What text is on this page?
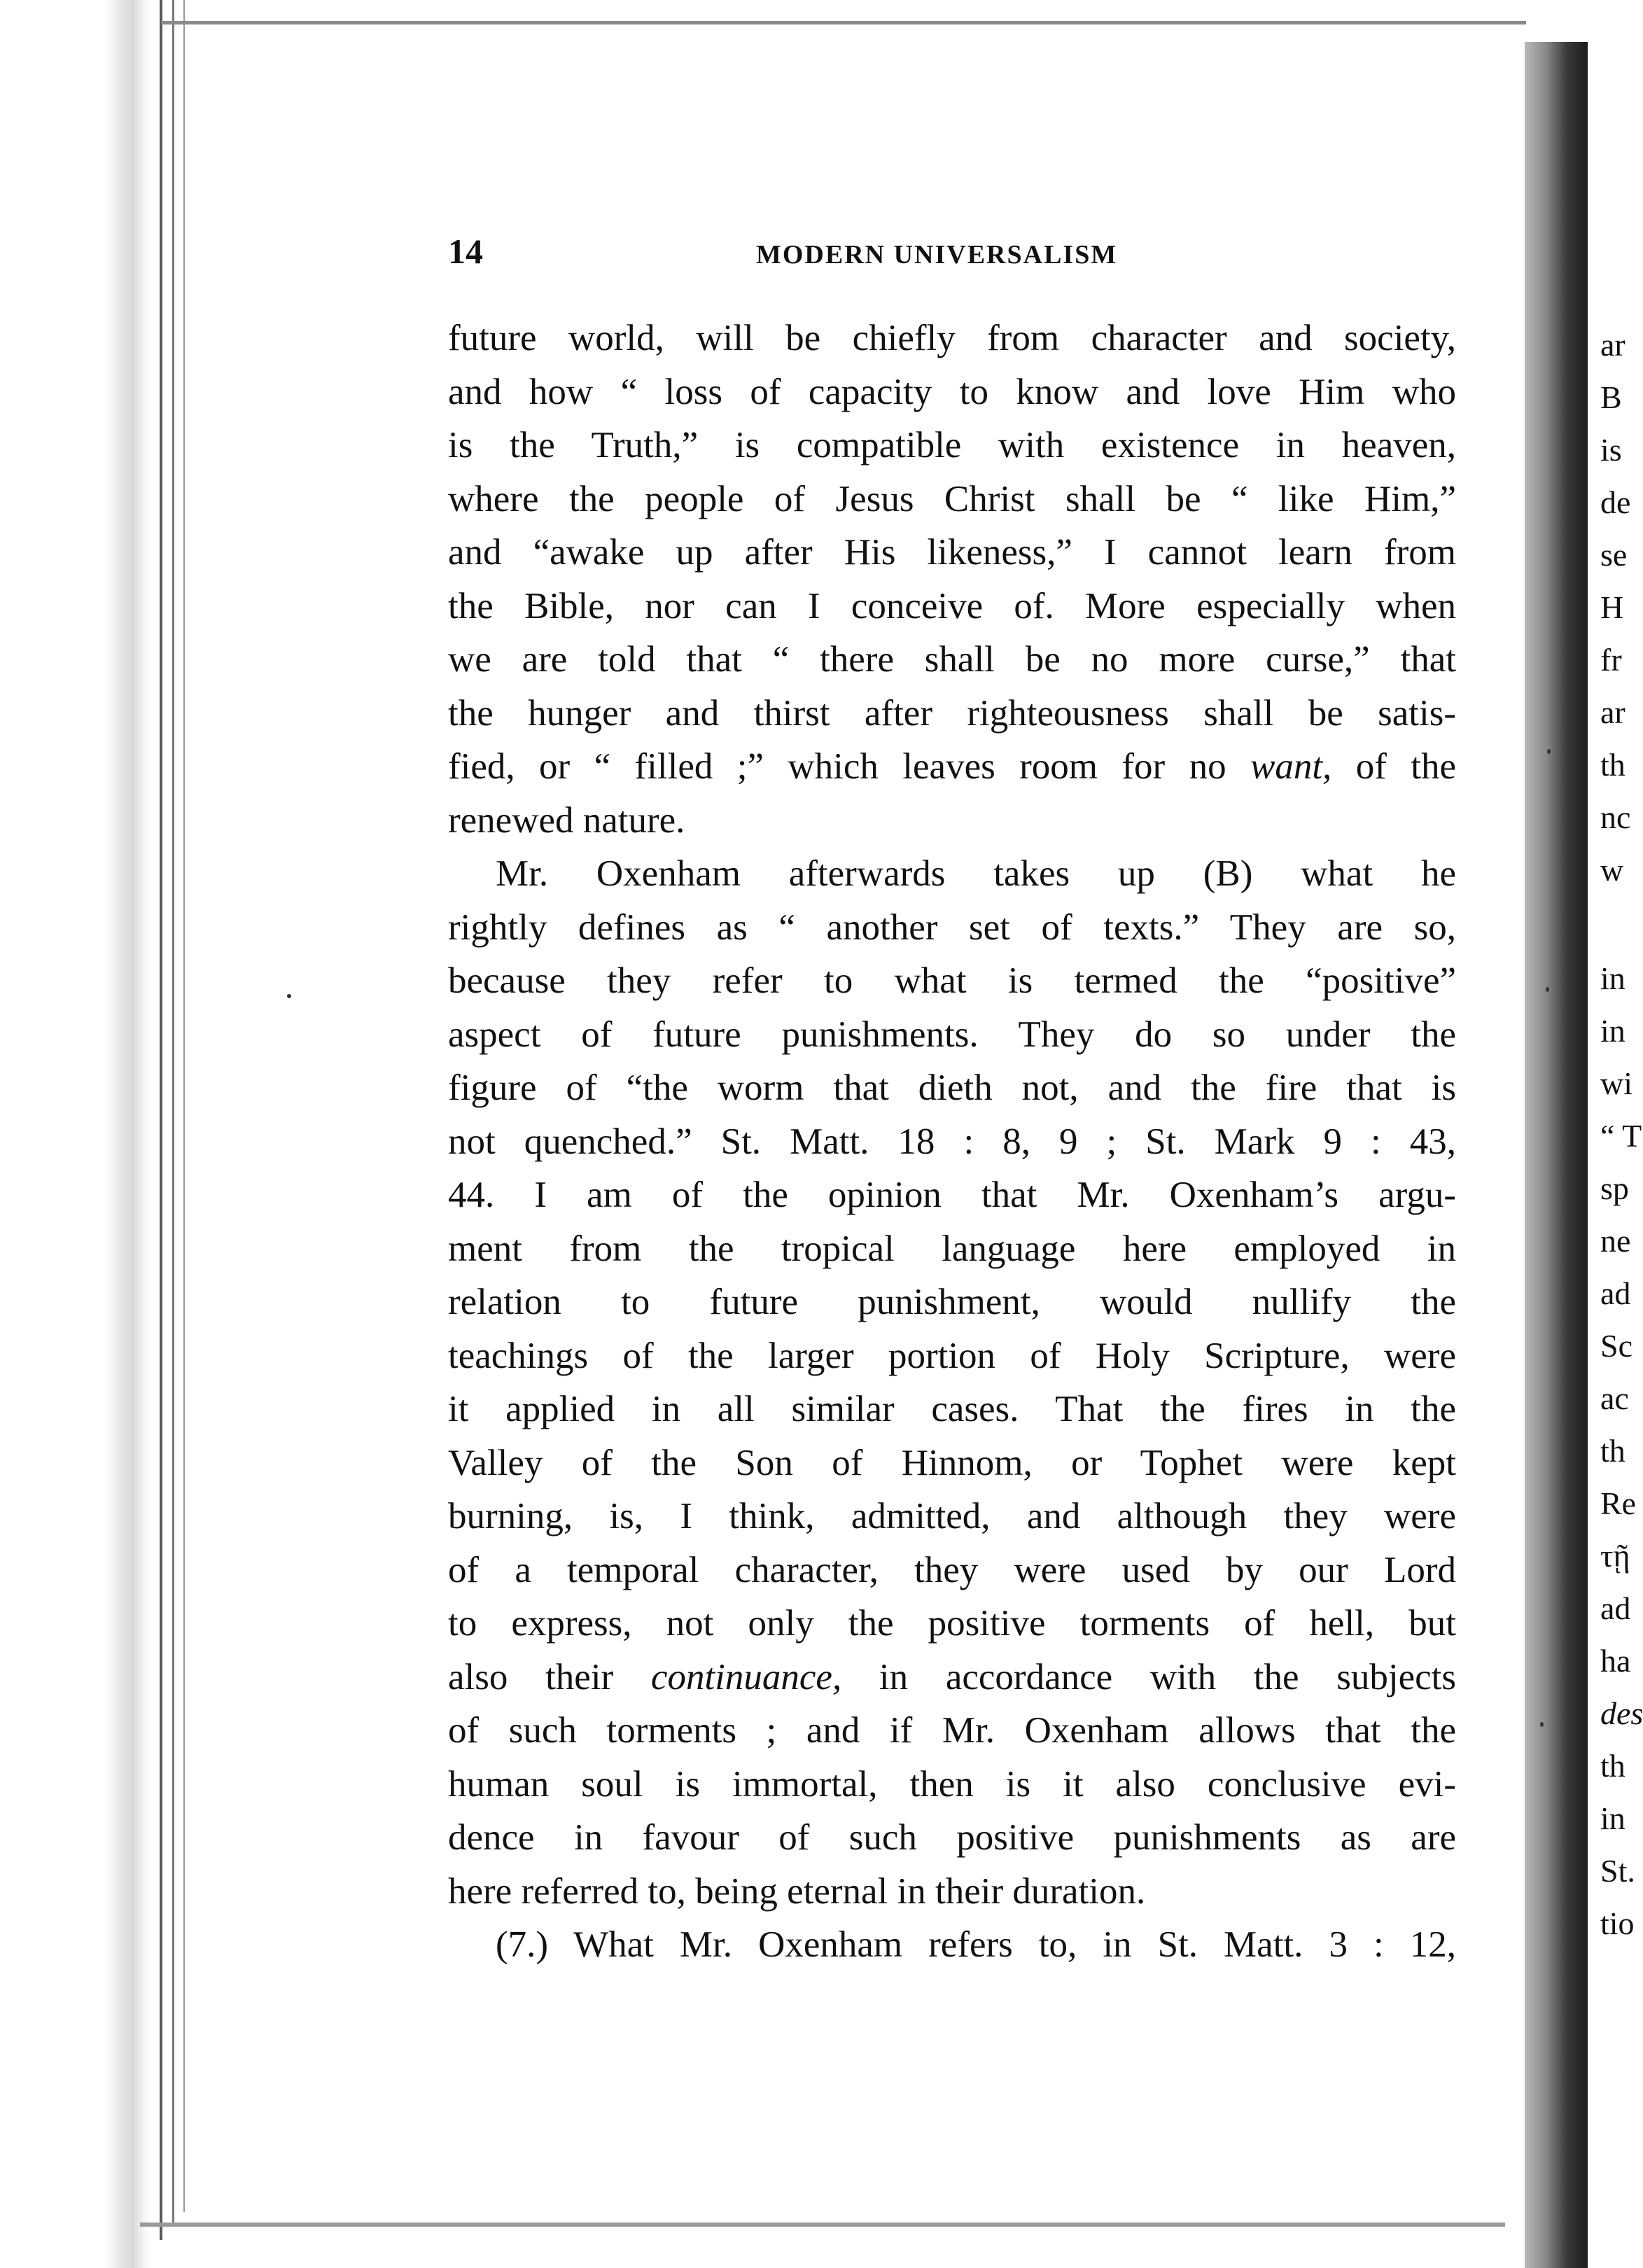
ar
B
is
de
se
H
fr
ar
th
nc
w
in
in
wi
“ T
sp
ne
ad
Sc
ac
th
Re
τῇ
ad
ha
des
th
in
St.
tio
14	MODERN UNIVERSALISM
future world, will be chiefly from character and society,
and how “ loss of capacity to know and love Him who
is the Truth,” is compatible with existence in heaven,
where the people of Jesus Christ shall be “ like Him,”
and “awake up after His likeness,” I cannot learn from
the Bible, nor can I conceive of. More especially when
we are told that “ there shall be no more curse,” that
the hunger and thirst after righteousness shall be satis-
fied, or “ filled ;” which leaves room for no want, of the
renewed nature.
Mr. Oxenham afterwards takes up (B) what he
rightly defines as “ another set of texts.” They are so,
because they refer to what is termed the “positive”
aspect of future punishments. They do so under the
figure of “the worm that dieth not, and the fire that is
not quenched.” St. Matt. 18 : 8, 9 ; St. Mark 9 : 43,
44. I am of the opinion that Mr. Oxenham’s argu-
ment from the tropical language here employed in
relation to future punishment, would nullify the
teachings of the larger portion of Holy Scripture, were
it applied in all similar cases. That the fires in the
Valley of the Son of Hinnom, or Tophet were kept
burning, is, I think, admitted, and although they were
of a temporal character, they were used by our Lord
to express, not only the positive torments of hell, but
also their continuance, in accordance with the subjects
of such torments ; and if Mr. Oxenham allows that the
human soul is immortal, then is it also conclusive evi-
dence in favour of such positive punishments as are
here referred to, being eternal in their duration.
(7.) What Mr. Oxenham refers to, in St. Matt. 3 : 12,
